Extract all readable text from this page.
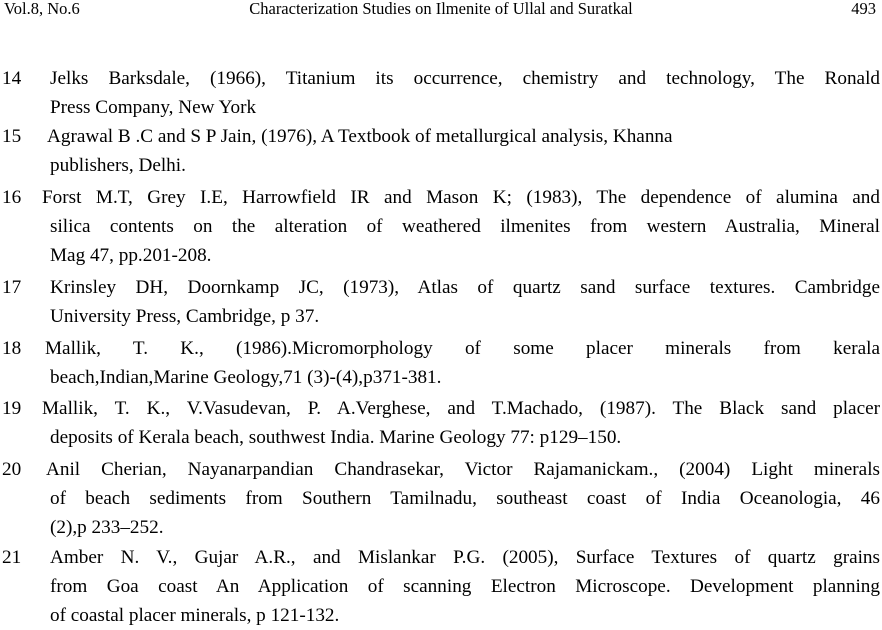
Vol.8, No.6	Characterization Studies on Ilmenite of Ullal and Suratkal	493
14 Jelks Barksdale, (1966), Titanium its occurrence, chemistry and technology, The Ronald
Press Company, New York
15 Agrawal B .C and S P Jain, (1976), A Textbook of metallurgical analysis, Khanna
publishers, Delhi.
16 Forst M.T, Grey I.E, Harrowfield IR and Mason K; (1983), The dependence of alumina and
silica contents on the alteration of weathered ilmenites from western Australia, Mineral
Mag 47, pp.201-208.
17 Krinsley DH, Doornkamp JC, (1973), Atlas of quartz sand surface textures. Cambridge
University Press, Cambridge, p 37.
18 Mallik, T. K., (1986).Micromorphology of some placer minerals from kerala
beach,Indian,Marine Geology,71 (3)-(4),p371-381.
19 Mallik, T. K., V.Vasudevan, P. A.Verghese, and T.Machado, (1987). The Black sand placer
deposits of Kerala beach, southwest India. Marine Geology 77: p129–150.
20 Anil Cherian, Nayanarpandian Chandrasekar, Victor Rajamanickam., (2004) Light minerals
of beach sediments from Southern Tamilnadu, southeast coast of India Oceanologia, 46
(2),p 233–252.
21 Amber N. V., Gujar A.R., and Mislankar P.G. (2005), Surface Textures of quartz grains
from Goa coast An Application of scanning Electron Microscope. Development planning
of coastal placer minerals, p 121-132.
